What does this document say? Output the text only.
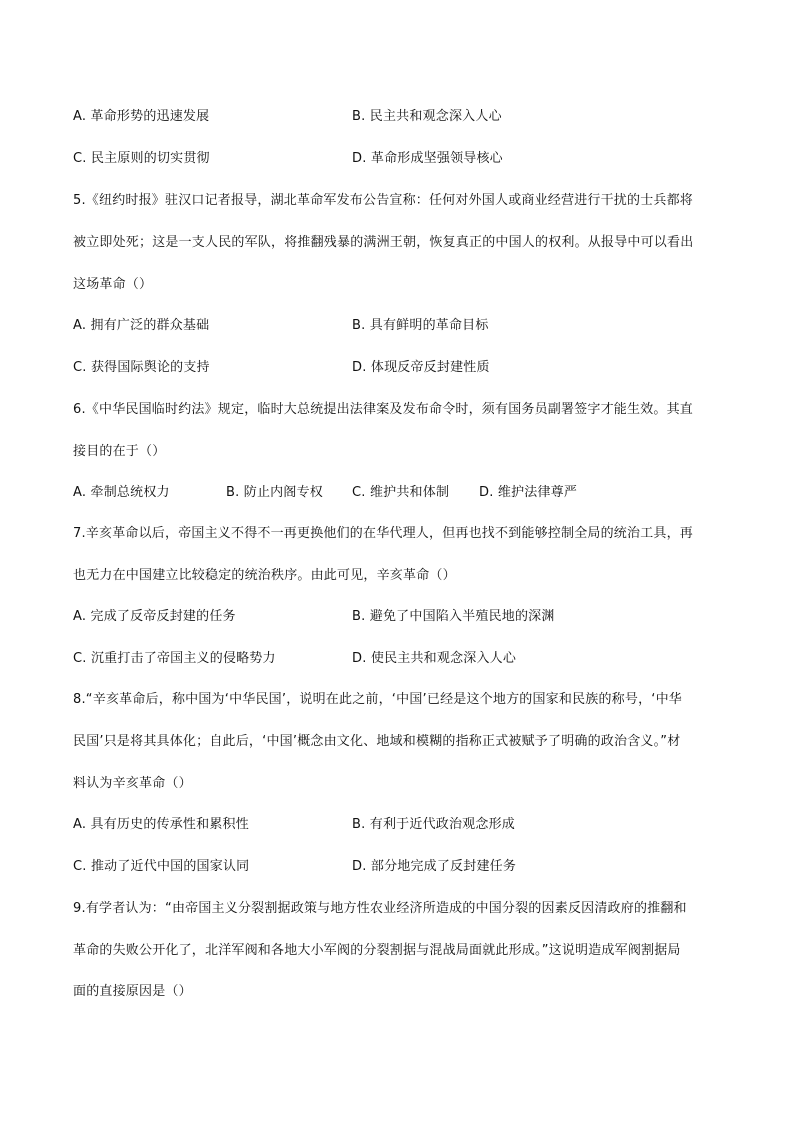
A. 革命形势的迅速发展	B. 民主共和观念深入人心
C. 民主原则的切实贯彻	D. 革命形成坚强领导核心
5.《纽约时报》驻汉口记者报导，湖北革命军发布公告宣称：任何对外国人或商业经营进行干扰的士兵都将
被立即处死；这是一支人民的军队，将推翻残暴的满洲王朝，恢复真正的中国人的权利。从报导中可以看出
这场革命（）
A. 拥有广泛的群众基础	B. 具有鲜明的革命目标
C. 获得国际舆论的支持	D. 体现反帝反封建性质
6.《中华民国临时约法》规定，临时大总统提出法律案及发布命令时，须有国务员副署签字才能生效。其直
接目的在于（）
A. 牵制总统权力	B. 防止内阁专权 C. 维护共和体制 D. 维护法律尊严
7.辛亥革命以后，帝国主义不得不一再更换他们的在华代理人，但再也找不到能够控制全局的统治工具，再
也无力在中国建立比较稳定的统治秩序。由此可见，辛亥革命（）
A. 完成了反帝反封建的任务	B. 避免了中国陷入半殖民地的深渊
C. 沉重打击了帝国主义的侵略势力	D. 使民主共和观念深入人心
8.“辛亥革命后，称中国为‘中华民国’，说明在此之前，‘中国’已经是这个地方的国家和民族的称号，‘中华
民国’只是将其具体化；自此后，‘中国’概念由文化、地域和模糊的指称正式被赋予了明确的政治含义。”材
料认为辛亥革命（）
A. 具有历史的传承性和累积性	B. 有利于近代政治观念形成
C. 推动了近代中国的国家认同	D. 部分地完成了反封建任务
9.有学者认为：“由帝国主义分裂割据政策与地方性农业经济所造成的中国分裂的因素反因清政府的推翻和
革命的失败公开化了，北洋军阀和各地大小军阀的分裂割据与混战局面就此形成。”这说明造成军阀割据局
面的直接原因是（）
